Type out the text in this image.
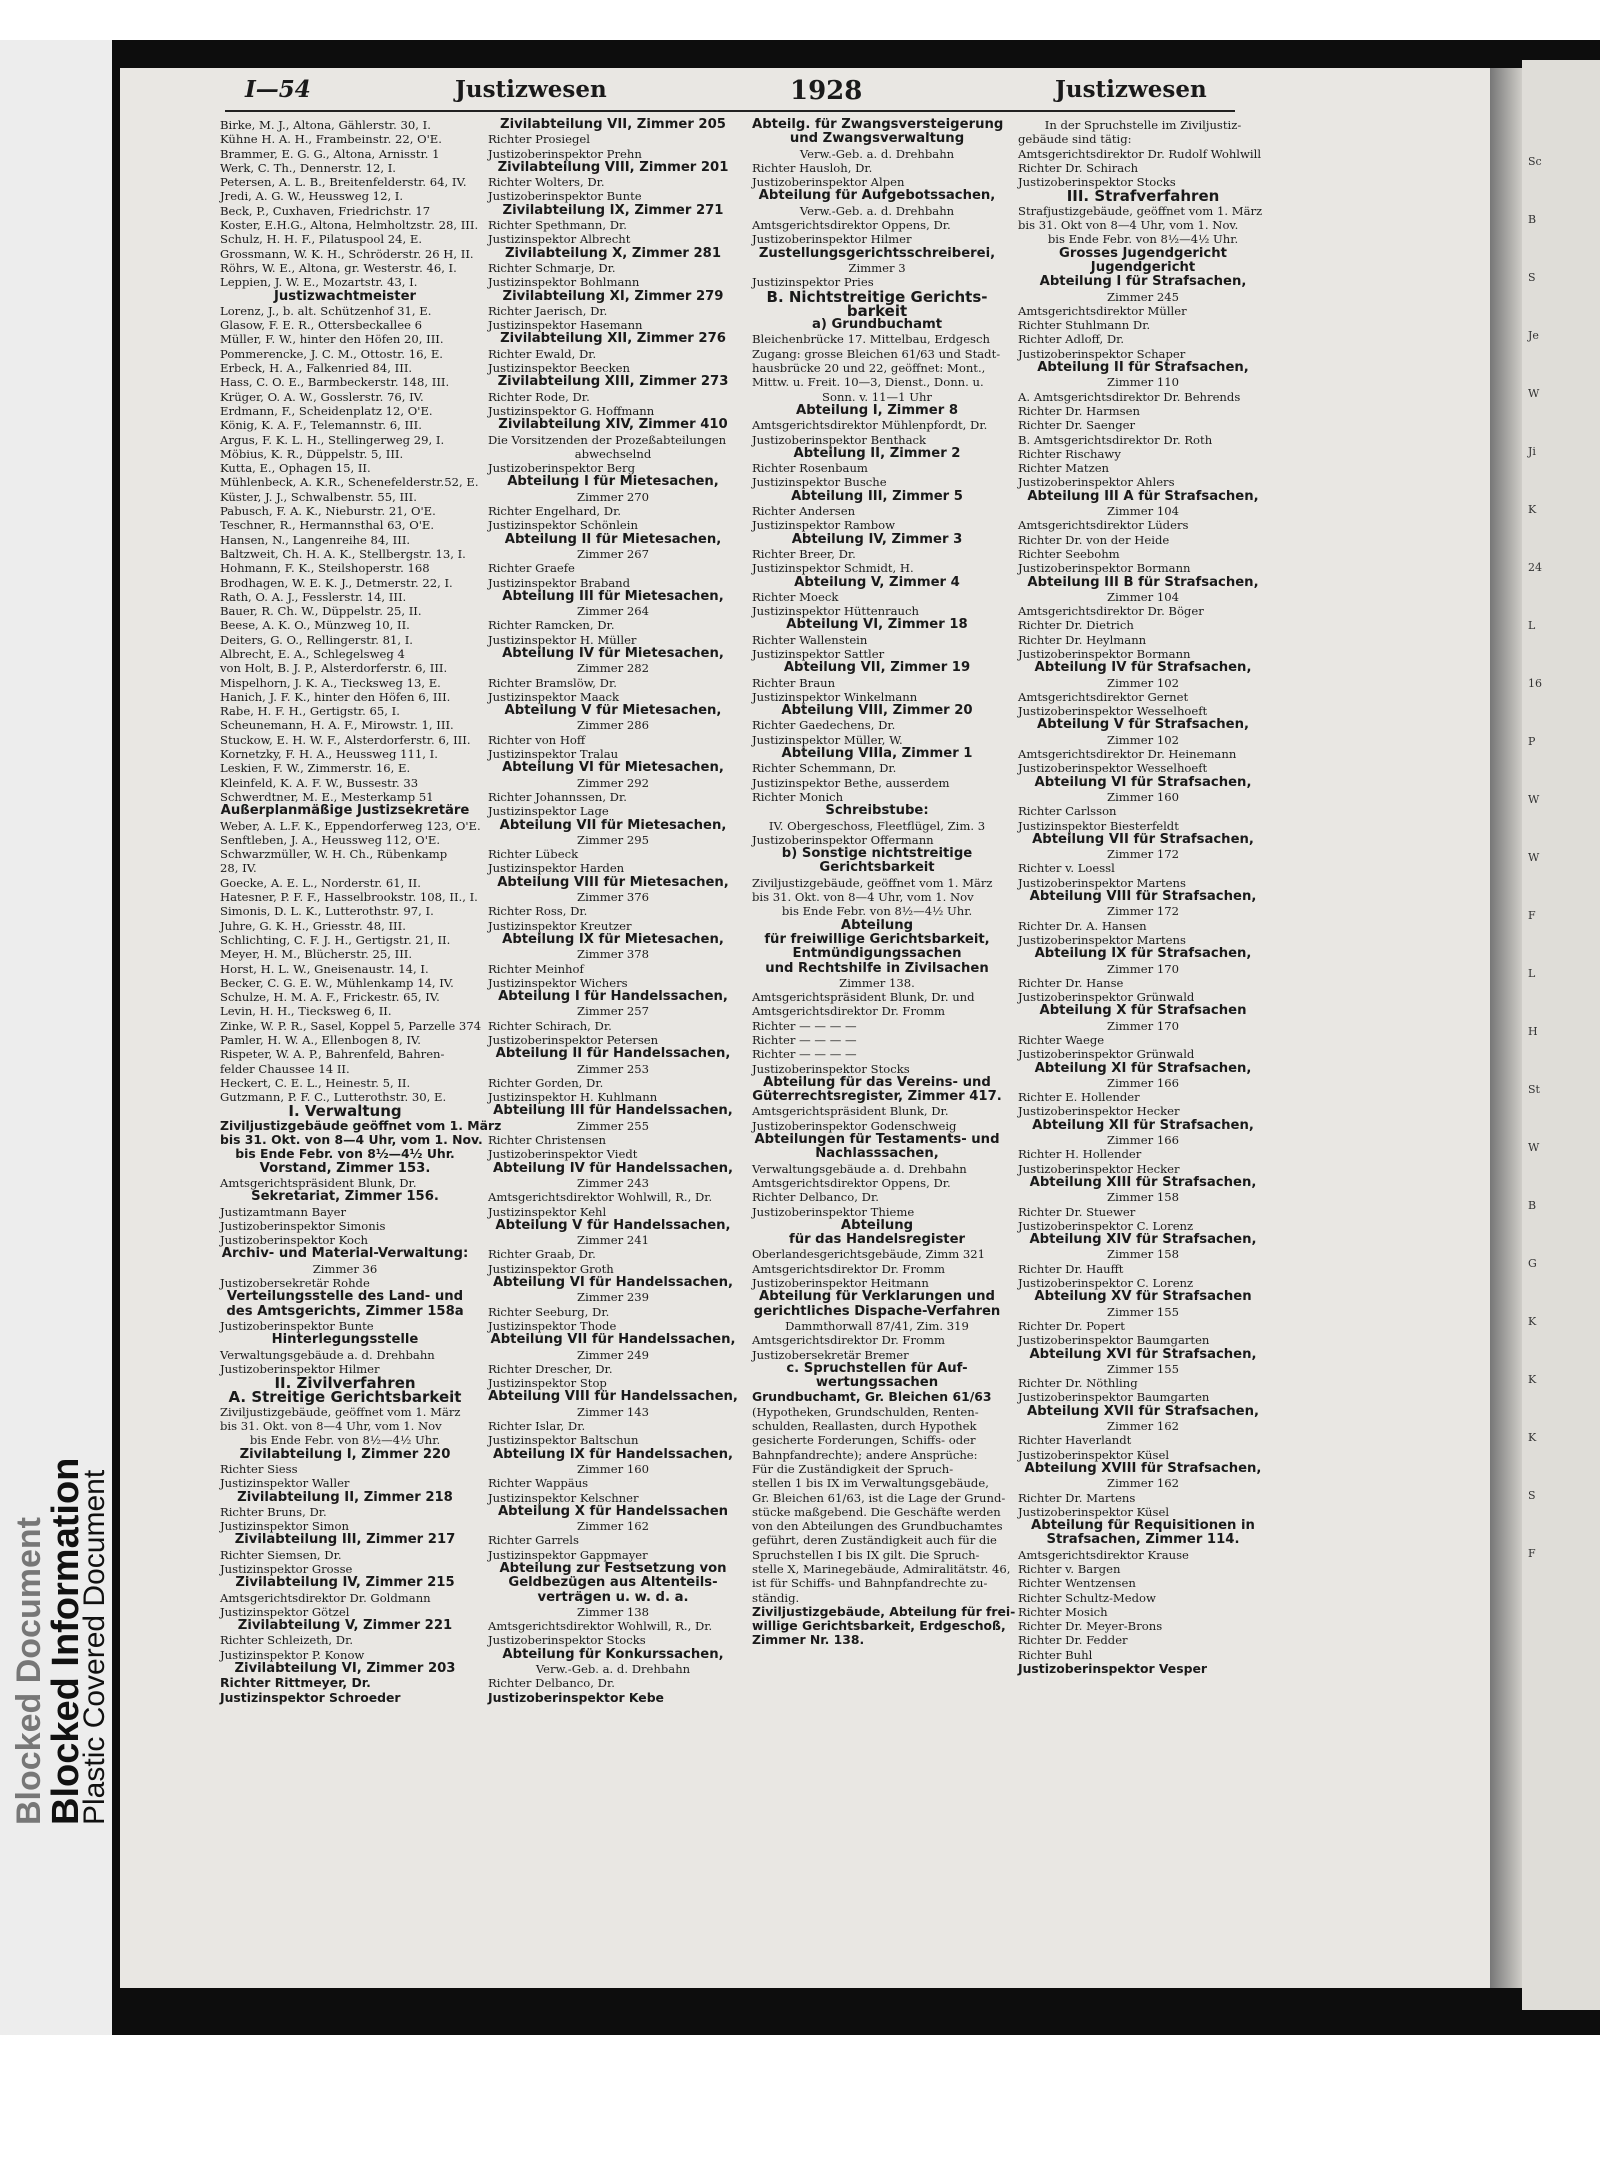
Blocked Document
Blocked Information
Plastic Covered Document
I—54	Justizwesen	1928	Justizwesen
Birke, M. J., Altona, Gählerstr. 30, I.
Kühne H. A. H., Frambeinstr. 22, O'E.
Brammer, E. G. G., Altona, Arnisstr. 1
Werk, C. Th., Dennerstr. 12, I.
Petersen, A. L. B., Breitenfelderstr. 64, IV.
Jredi, A. G. W., Heussweg 12, I.
Beck, P., Cuxhaven, Friedrichstr. 17
Koster, E.H.G., Altona, Helmholtzstr. 28, III.
Schulz, H. H. F., Pilatuspool 24, E.
Grossmann, W. K. H., Schröderstr. 26 H, II.
Röhrs, W. E., Altona, gr. Westerstr. 46, I.
Leppien, J. W. E., Mozartstr. 43, I.
Justizwachtmeister
Lorenz, J., b. alt. Schützenhof 31, E.
Glasow, F. E. R., Ottersbeckallee 6
Müller, F. W., hinter den Höfen 20, III.
Pommerencke, J. C. M., Ottostr. 16, E.
Erbeck, H. A., Falkenried 84, III.
Hass, C. O. E., Barmbeckerstr. 148, III.
Krüger, O. A. W., Gosslerstr. 76, IV.
Erdmann, F., Scheidenplatz 12, O'E.
König, K. A. F., Telemannstr. 6, III.
Argus, F. K. L. H., Stellingerweg 29, I.
Möbius, K. R., Düppelstr. 5, III.
Kutta, E., Ophagen 15, II.
Mühlenbeck, A. K.R., Schenefelderstr.52, E.
Küster, J. J., Schwalbenstr. 55, III.
Pabusch, F. A. K., Nieburstr. 21, O'E.
Teschner, R., Hermannsthal 63, O'E.
Hansen, N., Langenreihe 84, III.
Baltzweit, Ch. H. A. K., Stellbergstr. 13, I.
Hohmann, F. K., Steilshoperstr. 168
Brodhagen, W. E. K. J., Detmerstr. 22, I.
Rath, O. A. J., Fesslerstr. 14, III.
Bauer, R. Ch. W., Düppelstr. 25, II.
Beese, A. K. O., Münzweg 10, II.
Deiters, G. O., Rellingerstr. 81, I.
Albrecht, E. A., Schlegelsweg 4
von Holt, B. J. P., Alsterdorferstr. 6, III.
Mispelhorn, J. K. A., Tiecksweg 13, E.
Hanich, J. F. K., hinter den Höfen 6, III.
Rabe, H. F. H., Gertigstr. 65, I.
Scheunemann, H. A. F., Mirowstr. 1, III.
Stuckow, E. H. W. F., Alsterdorferstr. 6, III.
Kornetzky, F. H. A., Heussweg 111, I.
Leskien, F. W., Zimmerstr. 16, E.
Kleinfeld, K. A. F. W., Bussestr. 33
Schwerdtner, M. E., Mesterkamp 51
Außerplanmäßige Justizsekretäre
Weber, A. L.F. K., Eppendorferweg 123, O'E.
Senftleben, J. A., Heussweg 112, O'E.
Schwarzmüller, W. H. Ch., Rübenkamp
28, IV.
Goecke, A. E. L., Norderstr. 61, II.
Hatesner, P. F. F., Hasselbrookstr. 108, II., I.
Simonis, D. L. K., Lutterothstr. 97, I.
Juhre, G. K. H., Griesstr. 48, III.
Schlichting, C. F. J. H., Gertigstr. 21, II.
Meyer, H. M., Blücherstr. 25, III.
Horst, H. L. W., Gneisenaustr. 14, I.
Becker, C. G. E. W., Mühlenkamp 14, IV.
Schulze, H. M. A. F., Frickestr. 65, IV.
Levin, H. H., Tiecksweg 6, II.
Zinke, W. P. R., Sasel, Koppel 5, Parzelle 374
Pamler, H. W. A., Ellenbogen 8, IV.
Rispeter, W. A. P., Bahrenfeld, Bahren-
felder Chaussee 14 II.
Heckert, C. E. L., Heinestr. 5, II.
Gutzmann, P. F. C., Lutterothstr. 30, E.
I. Verwaltung
Ziviljustizgebäude geöffnet vom 1. März
bis 31. Okt. von 8—4 Uhr, vom 1. Nov.
bis Ende Febr. von 8½—4½ Uhr.
Vorstand, Zimmer 153.
Amtsgerichtspräsident Blunk, Dr.
Sekretariat, Zimmer 156.
Justizamtmann Bayer
Justizoberinspektor Simonis
Justizoberinspektor Koch
Archiv- und Material-Verwaltung:
Zimmer 36
Justizobersekretär Rohde
Verteilungsstelle des Land- und
des Amtsgerichts, Zimmer 158a
Justizoberinspektor Bunte
Hinterlegungsstelle
Verwaltungsgebäude a. d. Drehbahn
Justizoberinspektor Hilmer
II. Zivilverfahren
A. Streitige Gerichtsbarkeit
Ziviljustizgebäude, geöffnet vom 1. März
bis 31. Okt. von 8—4 Uhr, vom 1. Nov
bis Ende Febr. von 8½—4½ Uhr.
Zivilabteilung I, Zimmer 220
Richter Siess
Justizinspektor Waller
Zivilabteilung II, Zimmer 218
Richter Bruns, Dr.
Justizinspektor Simon
Zivilabteilung III, Zimmer 217
Richter Siemsen, Dr.
Justizinspektor Grosse
Zivilabteilung IV, Zimmer 215
Amtsgerichtsdirektor Dr. Goldmann
Justizinspektor Götzel
Zivilabteilung V, Zimmer 221
Richter Schleizeth, Dr.
Justizinspektor P. Konow
Zivilabteilung VI, Zimmer 203
Richter Rittmeyer, Dr.
Justizinspektor Schroeder
Zivilabteilung VII, Zimmer 205
Richter Prosiegel
Justizoberinspektor Prehn
Zivilabteilung VIII, Zimmer 201
Richter Wolters, Dr.
Justizoberinspektor Bunte
Zivilabteilung IX, Zimmer 271
Richter Spethmann, Dr.
Justizinspektor Albrecht
Zivilabteilung X, Zimmer 281
Richter Schmarje, Dr.
Justizinspektor Bohlmann
Zivilabteilung XI, Zimmer 279
Richter Jaerisch, Dr.
Justizinspektor Hasemann
Zivilabteilung XII, Zimmer 276
Richter Ewald, Dr.
Justizinspektor Beecken
Zivilabteilung XIII, Zimmer 273
Richter Rode, Dr.
Justizinspektor G. Hoffmann
Zivilabteilung XIV, Zimmer 410
Die Vorsitzenden der Prozeßabteilungen
abwechselnd
Justizoberinspektor Berg
Abteilung I für Mietesachen,
Zimmer 270
Richter Engelhard, Dr.
Justizinspektor Schönlein
Abteilung II für Mietesachen,
Zimmer 267
Richter Graefe
Justizinspektor Braband
Abteilung III für Mietesachen,
Zimmer 264
Richter Ramcken, Dr.
Justizinspektor H. Müller
Abteilung IV für Mietesachen,
Zimmer 282
Richter Bramslöw, Dr.
Justizinspektor Maack
Abteilung V für Mietesachen,
Zimmer 286
Richter von Hoff
Justizinspektor Tralau
Abteilung VI für Mietesachen,
Zimmer 292
Richter Johannssen, Dr.
Justizinspektor Lage
Abteilung VII für Mietesachen,
Zimmer 295
Richter Lübeck
Justizinspektor Harden
Abteilung VIII für Mietesachen,
Zimmer 376
Richter Ross, Dr.
Justizinspektor Kreutzer
Abteilung IX für Mietesachen,
Zimmer 378
Richter Meinhof
Justizinspektor Wichers
Abteilung I für Handelssachen,
Zimmer 257
Richter Schirach, Dr.
Justizoberinspektor Petersen
Abteilung II für Handelssachen,
Zimmer 253
Richter Gorden, Dr.
Justizinspektor H. Kuhlmann
Abteilung III für Handelssachen,
Zimmer 255
Richter Christensen
Justizoberinspektor Viedt
Abteilung IV für Handelssachen,
Zimmer 243
Amtsgerichtsdirektor Wohlwill, R., Dr.
Justizinspektor Kehl
Abteilung V für Handelssachen,
Zimmer 241
Richter Graab, Dr.
Justizinspektor Groth
Abteilung VI für Handelssachen,
Zimmer 239
Richter Seeburg, Dr.
Justizinspektor Thode
Abteilung VII für Handelssachen,
Zimmer 249
Richter Drescher, Dr.
Justizinspektor Stop
Abteilung VIII für Handelssachen,
Zimmer 143
Richter Islar, Dr.
Justizinspektor Baltschun
Abteilung IX für Handelssachen,
Zimmer 160
Richter Wappäus
Justizinspektor Kelschner
Abteilung X für Handelssachen
Zimmer 162
Richter Garrels
Justizinspektor Gappmayer
Abteilung zur Festsetzung von
Geldbezügen aus Altenteils-
verträgen u. w. d. a.
Zimmer 138
Amtsgerichtsdirektor Wohlwill, R., Dr.
Justizoberinspektor Stocks
Abteilung für Konkurssachen,
Verw.-Geb. a. d. Drehbahn
Richter Delbanco, Dr.
Justizoberinspektor Kebe
Abteilg. für Zwangsversteigerung
und Zwangsverwaltung
Verw.-Geb. a. d. Drehbahn
Richter Hausloh, Dr.
Justizoberinspektor Alpen
Abteilung für Aufgebotssachen,
Verw.-Geb. a. d. Drehbahn
Amtsgerichtsdirektor Oppens, Dr.
Justizoberinspektor Hilmer
Zustellungsgerichtsschreiberei,
Zimmer 3
Justizinspektor Pries
B. Nichtstreitige Gerichts-
barkeit
a) Grundbuchamt
Bleichenbrücke 17. Mittelbau, Erdgesch
Zugang: grosse Bleichen 61/63 und Stadt-
hausbrücke 20 und 22, geöffnet: Mont.,
Mittw. u. Freit. 10—3, Dienst., Donn. u.
Sonn. v. 11—1 Uhr
Abteilung I, Zimmer 8
Amtsgerichtsdirektor Mühlenpfordt, Dr.
Justizoberinspektor Benthack
Abteilung II, Zimmer 2
Richter Rosenbaum
Justizinspektor Busche
Abteilung III, Zimmer 5
Richter Andersen
Justizinspektor Rambow
Abteilung IV, Zimmer 3
Richter Breer, Dr.
Justizinspektor Schmidt, H.
Abteilung V, Zimmer 4
Richter Moeck
Justizinspektor Hüttenrauch
Abteilung VI, Zimmer 18
Richter Wallenstein
Justizinspektor Sattler
Abteilung VII, Zimmer 19
Richter Braun
Justizinspektor Winkelmann
Abteilung VIII, Zimmer 20
Richter Gaedechens, Dr.
Justizinspektor Müller, W.
Abteilung VIIIa, Zimmer 1
Richter Schemmann, Dr.
Justizinspektor Bethe, ausserdem
Richter Monich
Schreibstube:
IV. Obergeschoss, Fleetflügel, Zim. 3
Justizoberinspektor Offermann
b) Sonstige nichtstreitige
Gerichtsbarkeit
Ziviljustizgebäude, geöffnet vom 1. März
bis 31. Okt. von 8—4 Uhr, vom 1. Nov
bis Ende Febr. von 8½—4½ Uhr.
Abteilung
für freiwillige Gerichtsbarkeit,
Entmündigungssachen
und Rechtshilfe in Zivilsachen
Zimmer 138.
Amtsgerichtspräsident Blunk, Dr. und
Amtsgerichtsdirektor Dr. Fromm
Richter — — — —
Richter — — — —
Richter — — — —
Justizoberinspektor Stocks
Abteilung für das Vereins- und
Güterrechtsregister, Zimmer 417.
Amtsgerichtspräsident Blunk, Dr.
Justizoberinspektor Godenschweig
Abteilungen für Testaments- und
Nachlasssachen,
Verwaltungsgebäude a. d. Drehbahn
Amtsgerichtsdirektor Oppens, Dr.
Richter Delbanco, Dr.
Justizoberinspektor Thieme
Abteilung
für das Handelsregister
Oberlandesgerichtsgebäude, Zimm 321
Amtsgerichtsdirektor Dr. Fromm
Justizoberinspektor Heitmann
Abteilung für Verklarungen und
gerichtliches Dispache-Verfahren
Dammthorwall 87/41, Zim. 319
Amtsgerichtsdirektor Dr. Fromm
Justizobersekretär Bremer
c. Spruchstellen für Auf-
wertungssachen
Grundbuchamt, Gr. Bleichen 61/63
(Hypotheken, Grundschulden, Renten-
schulden, Reallasten, durch Hypothek
gesicherte Forderungen, Schiffs- oder
Bahnpfandrechte); andere Ansprüche:
Für die Zuständigkeit der Spruch-
stellen 1 bis IX im Verwaltungsgebäude,
Gr. Bleichen 61/63, ist die Lage der Grund-
stücke maßgebend. Die Geschäfte werden
von den Abteilungen des Grundbuchamtes
geführt, deren Zuständigkeit auch für die
Spruchstellen I bis IX gilt. Die Spruch-
stelle X, Marinegebäude, Admiralitätstr. 46,
ist für Schiffs- und Bahnpfandrechte zu-
ständig.
Ziviljustizgebäude, Abteilung für frei-
willige Gerichtsbarkeit, Erdgeschoß,
Zimmer Nr. 138.
In der Spruchstelle im Ziviljustiz-
gebäude sind tätig:
Amtsgerichtsdirektor Dr. Rudolf Wohlwill
Richter Dr. Schirach
Justizoberinspektor Stocks
III. Strafverfahren
Strafjustizgebäude, geöffnet vom 1. März
bis 31. Okt von 8—4 Uhr, vom 1. Nov.
bis Ende Febr. von 8½—4½ Uhr.
Grosses Jugendgericht
Jugendgericht
Abteilung I für Strafsachen,
Zimmer 245
Amtsgerichtsdirektor Müller
Richter Stuhlmann Dr.
Richter Adloff, Dr.
Justizoberinspektor Schaper
Abteilung II für Strafsachen,
Zimmer 110
A. Amtsgerichtsdirektor Dr. Behrends
Richter Dr. Harmsen
Richter Dr. Saenger
B. Amtsgerichtsdirektor Dr. Roth
Richter Rischawy
Richter Matzen
Justizoberinspektor Ahlers
Abteilung III A für Strafsachen,
Zimmer 104
Amtsgerichtsdirektor Lüders
Richter Dr. von der Heide
Richter Seebohm
Justizoberinspektor Bormann
Abteilung III B für Strafsachen,
Zimmer 104
Amtsgerichtsdirektor Dr. Böger
Richter Dr. Dietrich
Richter Dr. Heylmann
Justizoberinspektor Bormann
Abteilung IV für Strafsachen,
Zimmer 102
Amtsgerichtsdirektor Gernet
Justizoberinspektor Wesselhoeft
Abteilung V für Strafsachen,
Zimmer 102
Amtsgerichtsdirektor Dr. Heinemann
Justizoberinspektor Wesselhoeft
Abteilung VI für Strafsachen,
Zimmer 160
Richter Carlsson
Justizinspektor Biesterfeldt
Abteilung VII für Strafsachen,
Zimmer 172
Richter v. Loessl
Justizoberinspektor Martens
Abteilung VIII für Strafsachen,
Zimmer 172
Richter Dr. A. Hansen
Justizoberinspektor Martens
Abteilung IX für Strafsachen,
Zimmer 170
Richter Dr. Hanse
Justizoberinspektor Grünwald
Abteilung X für Strafsachen
Zimmer 170
Richter Waege
Justizoberinspektor Grünwald
Abteilung XI für Strafsachen,
Zimmer 166
Richter E. Hollender
Justizoberinspektor Hecker
Abteilung XII für Strafsachen,
Zimmer 166
Richter H. Hollender
Justizoberinspektor Hecker
Abteilung XIII für Strafsachen,
Zimmer 158
Richter Dr. Stuewer
Justizoberinspektor C. Lorenz
Abteilung XIV für Strafsachen,
Zimmer 158
Richter Dr. Haufft
Justizoberinspektor C. Lorenz
Abteilung XV für Strafsachen
Zimmer 155
Richter Dr. Popert
Justizoberinspektor Baumgarten
Abteilung XVI für Strafsachen,
Zimmer 155
Richter Dr. Nöthling
Justizoberinspektor Baumgarten
Abteilung XVII für Strafsachen,
Zimmer 162
Richter Haverlandt
Justizoberinspektor Küsel
Abteilung XVIII für Strafsachen,
Zimmer 162
Richter Dr. Martens
Justizoberinspektor Küsel
Abteilung für Requisitionen in
Strafsachen, Zimmer 114.
Amtsgerichtsdirektor Krause
Richter v. Bargen
Richter Wentzensen
Richter Schultz-Medow
Richter Mosich
Richter Dr. Meyer-Brons
Richter Dr. Fedder
Richter Buhl
Justizoberinspektor Vesper
Sc
B
S
Je
W
Ji
K
24
L
16
P
W
W
F
L
H
St
W
B
G
K
K
K
S
F
